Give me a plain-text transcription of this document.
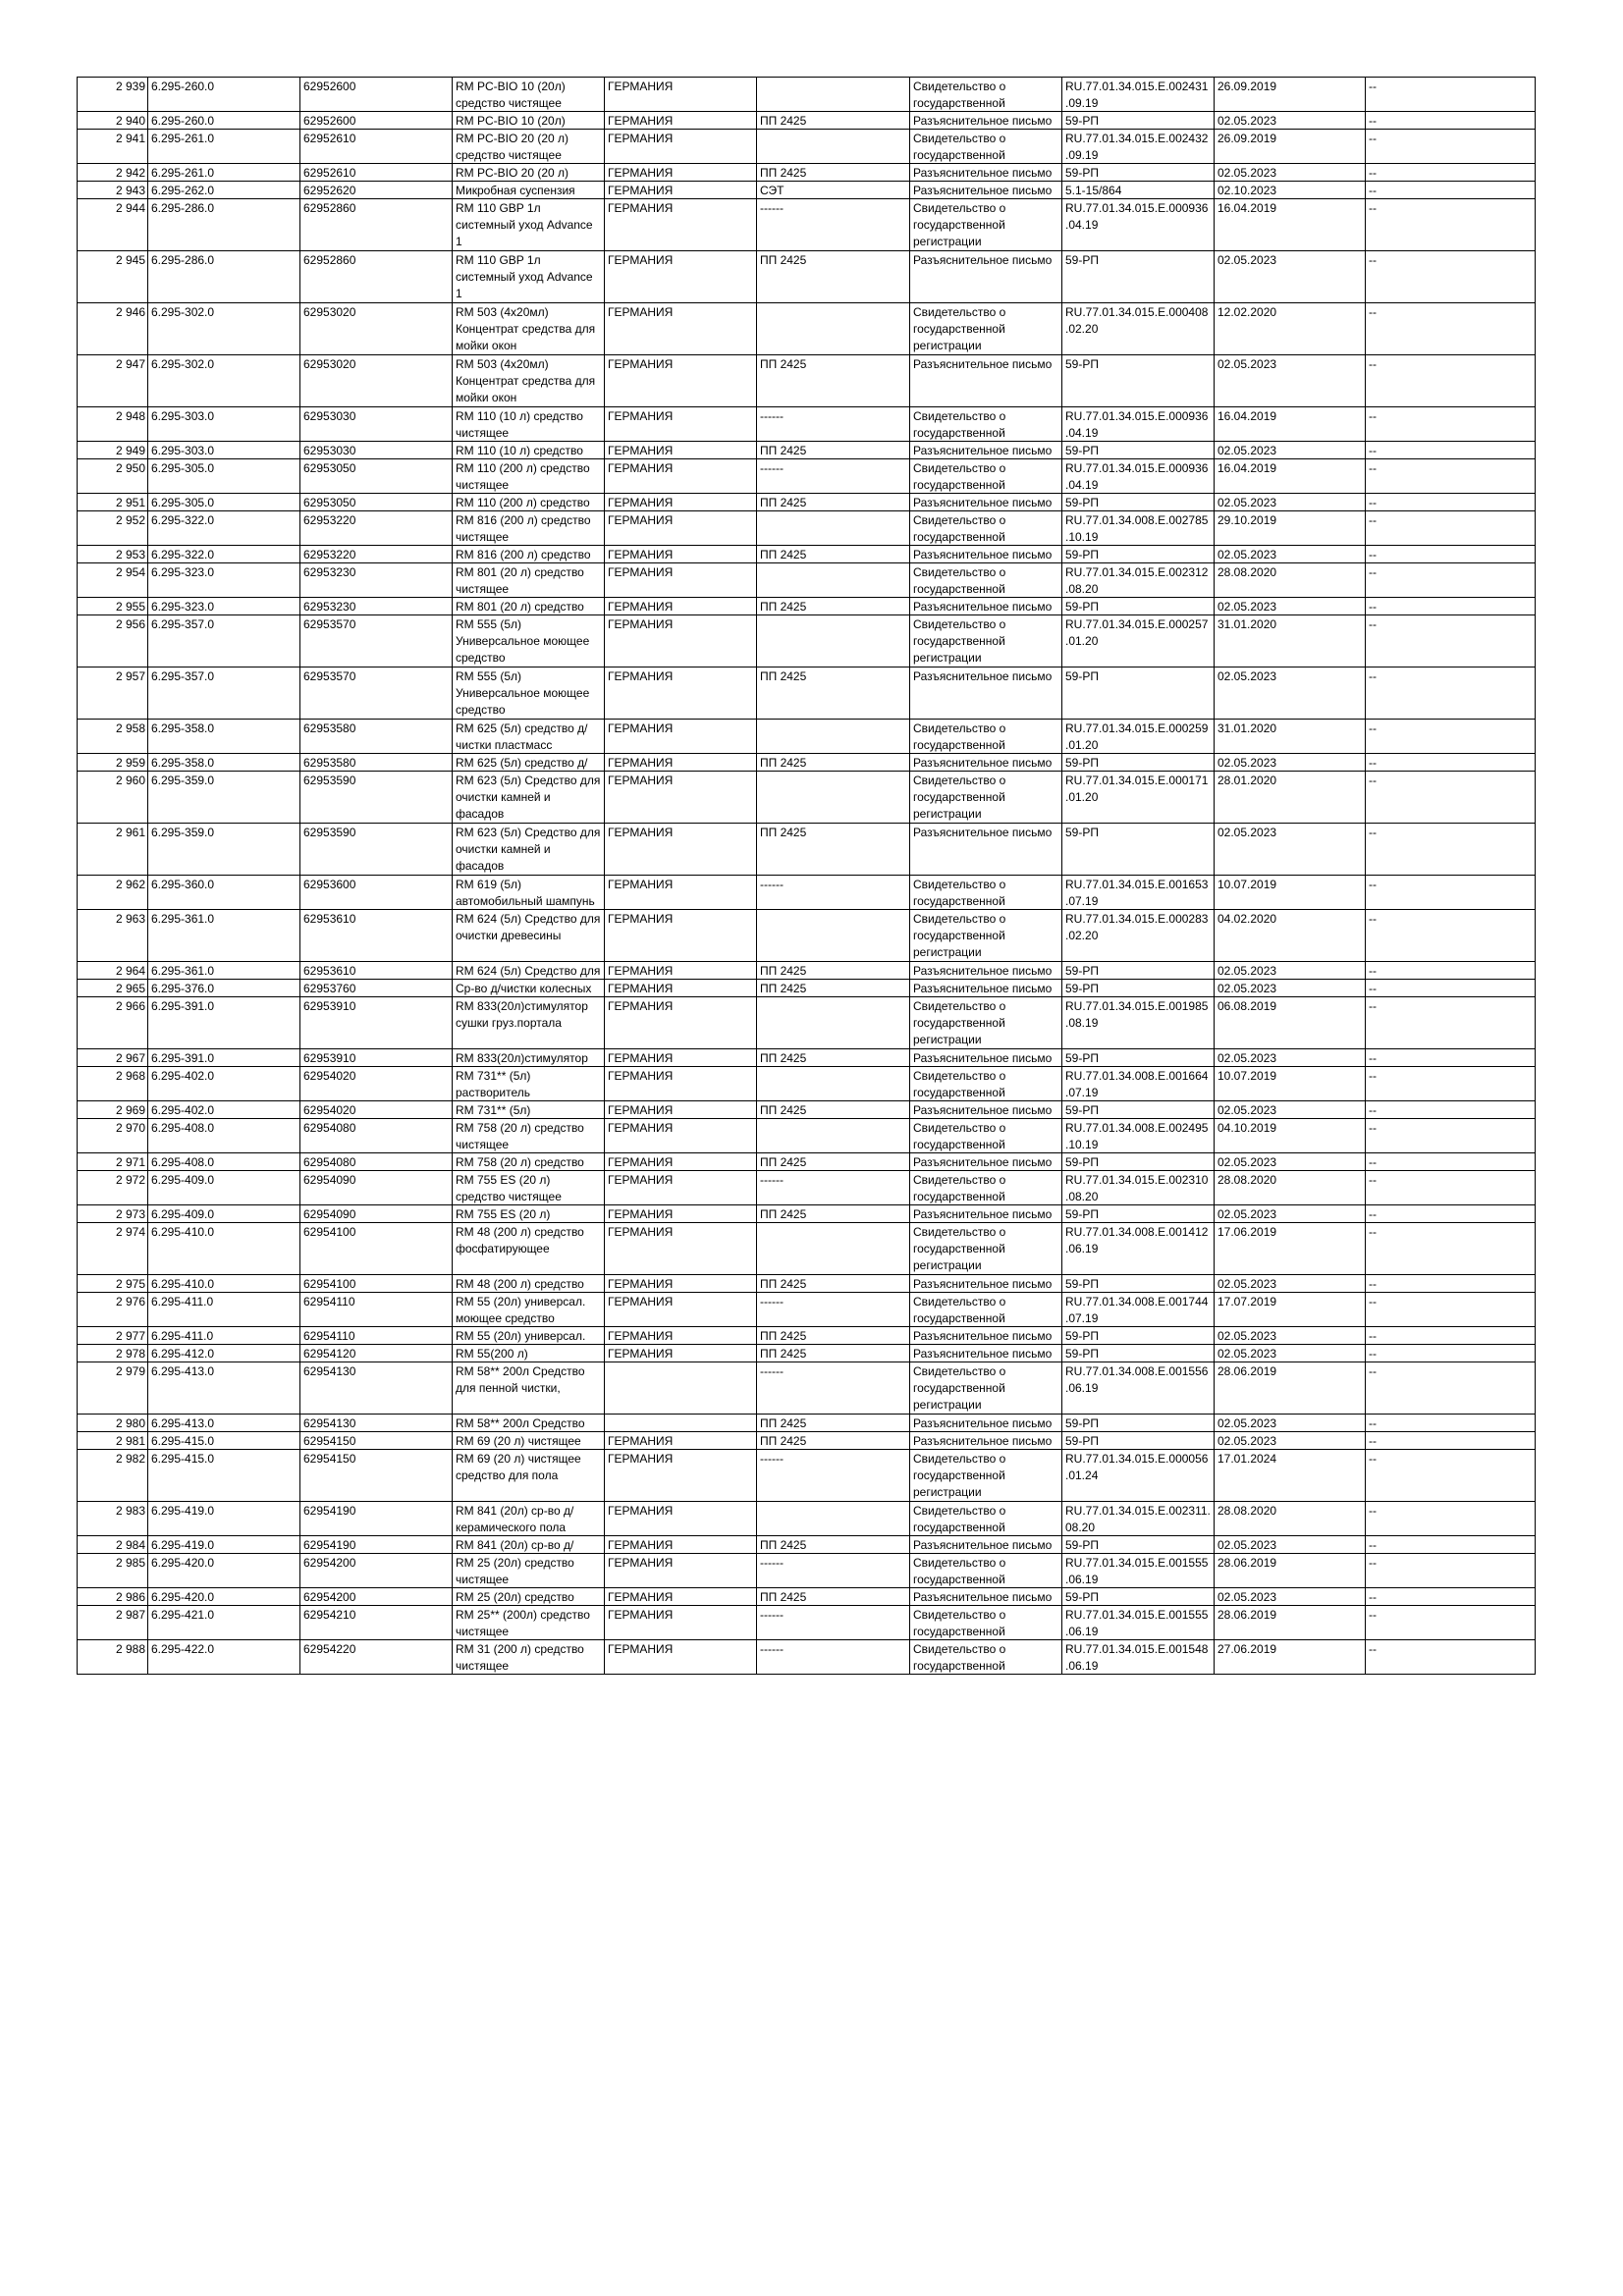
2 939	6.295-260.0	62952600	RM PC-BIO 10 (20л) средство чистящее	ГЕРМАНИЯ		Свидетельство о государственной	RU.77.01.34.015.E.002431.09.19	26.09.2019	--

2 940	6.295-260.0	62952600	RM PC-BIO 10 (20л)	ГЕРМАНИЯ	ПП 2425	Разъяснительное письмо	59-РП	02.05.2023	--

2 941	6.295-261.0	62952610	RM PC-BIO 20 (20 л) средство чистящее	ГЕРМАНИЯ		Свидетельство о государственной	RU.77.01.34.015.E.002432.09.19	26.09.2019	--

2 942	6.295-261.0	62952610	RM PC-BIO 20 (20 л)	ГЕРМАНИЯ	ПП 2425	Разъяснительное письмо	59-РП	02.05.2023	--

2 943	6.295-262.0	62952620	Микробная суспензия	ГЕРМАНИЯ	СЭТ	Разъяснительное письмо	5.1-15/864	02.10.2023	--

2 944	6.295-286.0	62952860	RM 110 GBP 1л системный уход Advance 1	ГЕРМАНИЯ	------	Свидетельство о государственной регистрации	RU.77.01.34.015.E.000936.04.19	16.04.2019	--

2 945	6.295-286.0	62952860	RM 110 GBP 1л системный уход Advance 1	ГЕРМАНИЯ	ПП 2425	Разъяснительное письмо	59-РП	02.05.2023	--

2 946	6.295-302.0	62953020	RM 503 (4x20мл) Концентрат средства для мойки окон	ГЕРМАНИЯ		Свидетельство о государственной регистрации	RU.77.01.34.015.E.000408.02.20	12.02.2020	--

2 947	6.295-302.0	62953020	RM 503 (4x20мл) Концентрат средства для мойки окон	ГЕРМАНИЯ	ПП 2425	Разъяснительное письмо	59-РП	02.05.2023	--

2 948	6.295-303.0	62953030	RM 110 (10 л) средство чистящее	ГЕРМАНИЯ	------	Свидетельство о государственной	RU.77.01.34.015.E.000936.04.19	16.04.2019	--

2 949	6.295-303.0	62953030	RM 110 (10 л) средство	ГЕРМАНИЯ	ПП 2425	Разъяснительное письмо	59-РП	02.05.2023	--

2 950	6.295-305.0	62953050	RM 110 (200 л) средство чистящее	ГЕРМАНИЯ	------	Свидетельство о государственной	RU.77.01.34.015.E.000936.04.19	16.04.2019	--

2 951	6.295-305.0	62953050	RM 110 (200 л) средство	ГЕРМАНИЯ	ПП 2425	Разъяснительное письмо	59-РП	02.05.2023	--

2 952	6.295-322.0	62953220	RM 816 (200 л) средство чистящее	ГЕРМАНИЯ		Свидетельство о государственной	RU.77.01.34.008.E.002785.10.19	29.10.2019	--

2 953	6.295-322.0	62953220	RM 816 (200 л) средство	ГЕРМАНИЯ	ПП 2425	Разъяснительное письмо	59-РП	02.05.2023	--

2 954	6.295-323.0	62953230	RM 801 (20 л) средство чистящее	ГЕРМАНИЯ		Свидетельство о государственной	RU.77.01.34.015.E.002312.08.20	28.08.2020	--

2 955	6.295-323.0	62953230	RM 801 (20 л) средство	ГЕРМАНИЯ	ПП 2425	Разъяснительное письмо	59-РП	02.05.2023	--

2 956	6.295-357.0	62953570	RM 555 (5л) Универсальное моющее средство	ГЕРМАНИЯ		Свидетельство о государственной регистрации	RU.77.01.34.015.E.000257.01.20	31.01.2020	--

2 957	6.295-357.0	62953570	RM 555 (5л) Универсальное моющее средство	ГЕРМАНИЯ	ПП 2425	Разъяснительное письмо	59-РП	02.05.2023	--

2 958	6.295-358.0	62953580	RM 625 (5л) средство д/чистки пластмасс	ГЕРМАНИЯ		Свидетельство о государственной	RU.77.01.34.015.E.000259.01.20	31.01.2020	--

2 959	6.295-358.0	62953580	RM 625 (5л) средство д/	ГЕРМАНИЯ	ПП 2425	Разъяснительное письмо	59-РП	02.05.2023	--

2 960	6.295-359.0	62953590	RM 623 (5л) Средство для очистки камней и фасадов	ГЕРМАНИЯ		Свидетельство о государственной регистрации	RU.77.01.34.015.E.000171.01.20	28.01.2020	--

2 961	6.295-359.0	62953590	RM 623 (5л) Средство для очистки камней и фасадов	ГЕРМАНИЯ	ПП 2425	Разъяснительное письмо	59-РП	02.05.2023	--

2 962	6.295-360.0	62953600	RM 619 (5л) автомобильный шампунь	ГЕРМАНИЯ	------	Свидетельство о государственной	RU.77.01.34.015.E.001653.07.19	10.07.2019	--

2 963	6.295-361.0	62953610	RM 624 (5л) Средство для очистки древесины	ГЕРМАНИЯ		Свидетельство о государственной регистрации	RU.77.01.34.015.E.000283.02.20	04.02.2020	--

2 964	6.295-361.0	62953610	RM 624 (5л) Средство для	ГЕРМАНИЯ	ПП 2425	Разъяснительное письмо	59-РП	02.05.2023	--

2 965	6.295-376.0	62953760	Ср-во д/чистки колесных	ГЕРМАНИЯ	ПП 2425	Разъяснительное письмо	59-РП	02.05.2023	--

2 966	6.295-391.0	62953910	RM 833(20л)стимулятор сушки груз.портала	ГЕРМАНИЯ		Свидетельство о государственной регистрации	RU.77.01.34.015.E.001985.08.19	06.08.2019	--

2 967	6.295-391.0	62953910	RM 833(20л)стимулятор	ГЕРМАНИЯ	ПП 2425	Разъяснительное письмо	59-РП	02.05.2023	--

2 968	6.295-402.0	62954020	RM 731** (5л) растворитель	ГЕРМАНИЯ		Свидетельство о государственной	RU.77.01.34.008.E.001664.07.19	10.07.2019	--

2 969	6.295-402.0	62954020	RM 731** (5л)	ГЕРМАНИЯ	ПП 2425	Разъяснительное письмо	59-РП	02.05.2023	--

2 970	6.295-408.0	62954080	RM 758 (20 л) средство чистящее	ГЕРМАНИЯ		Свидетельство о государственной	RU.77.01.34.008.E.002495.10.19	04.10.2019	--

2 971	6.295-408.0	62954080	RM 758 (20 л) средство	ГЕРМАНИЯ	ПП 2425	Разъяснительное письмо	59-РП	02.05.2023	--

2 972	6.295-409.0	62954090	RM 755 ES (20 л) средство чистящее	ГЕРМАНИЯ	------	Свидетельство о государственной	RU.77.01.34.015.E.002310.08.20	28.08.2020	--

2 973	6.295-409.0	62954090	RM 755 ES (20 л)	ГЕРМАНИЯ	ПП 2425	Разъяснительное письмо	59-РП	02.05.2023	--

2 974	6.295-410.0	62954100	RM 48 (200 л) средство фосфатирующее	ГЕРМАНИЯ		Свидетельство о государственной регистрации	RU.77.01.34.008.E.001412.06.19	17.06.2019	--

2 975	6.295-410.0	62954100	RM 48 (200 л) средство	ГЕРМАНИЯ	ПП 2425	Разъяснительное письмо	59-РП	02.05.2023	--

2 976	6.295-411.0	62954110	RM 55 (20л) универсал. моющее средство	ГЕРМАНИЯ	------	Свидетельство о государственной	RU.77.01.34.008.E.001744.07.19	17.07.2019	--

2 977	6.295-411.0	62954110	RM 55 (20л) универсал.	ГЕРМАНИЯ	ПП 2425	Разъяснительное письмо	59-РП	02.05.2023	--

2 978	6.295-412.0	62954120	RM 55(200 л)	ГЕРМАНИЯ	ПП 2425	Разъяснительное письмо	59-РП	02.05.2023	--

2 979	6.295-413.0	62954130	RM 58** 200л Средство для пенной чистки,		------	Свидетельство о государственной регистрации	RU.77.01.34.008.E.001556.06.19	28.06.2019	--

2 980	6.295-413.0	62954130	RM 58** 200л Средство		ПП 2425	Разъяснительное письмо	59-РП	02.05.2023	--

2 981	6.295-415.0	62954150	RM 69 (20 л) чистящее	ГЕРМАНИЯ	ПП 2425	Разъяснительное письмо	59-РП	02.05.2023	--

2 982	6.295-415.0	62954150	RM 69 (20 л) чистящее средство для пола	ГЕРМАНИЯ	------	Свидетельство о государственной регистрации	RU.77.01.34.015.E.000056.01.24	17.01.2024	--

2 983	6.295-419.0	62954190	RM 841 (20л) ср-во д/керамического пола	ГЕРМАНИЯ		Свидетельство о государственной	RU.77.01.34.015.E.002311.08.20	28.08.2020	--

2 984	6.295-419.0	62954190	RM 841 (20л) ср-во д/	ГЕРМАНИЯ	ПП 2425	Разъяснительное письмо	59-РП	02.05.2023	--

2 985	6.295-420.0	62954200	RM 25 (20л) средство чистящее	ГЕРМАНИЯ	------	Свидетельство о государственной	RU.77.01.34.015.E.001555.06.19	28.06.2019	--

2 986	6.295-420.0	62954200	RM 25 (20л) средство	ГЕРМАНИЯ	ПП 2425	Разъяснительное письмо	59-РП	02.05.2023	--

2 987	6.295-421.0	62954210	RM 25** (200л) средство чистящее	ГЕРМАНИЯ	------	Свидетельство о государственной	RU.77.01.34.015.E.001555.06.19	28.06.2019	--

2 988	6.295-422.0	62954220	RM 31 (200 л) средство чистящее	ГЕРМАНИЯ	------	Свидетельство о государственной	RU.77.01.34.015.E.001548.06.19	27.06.2019	--
